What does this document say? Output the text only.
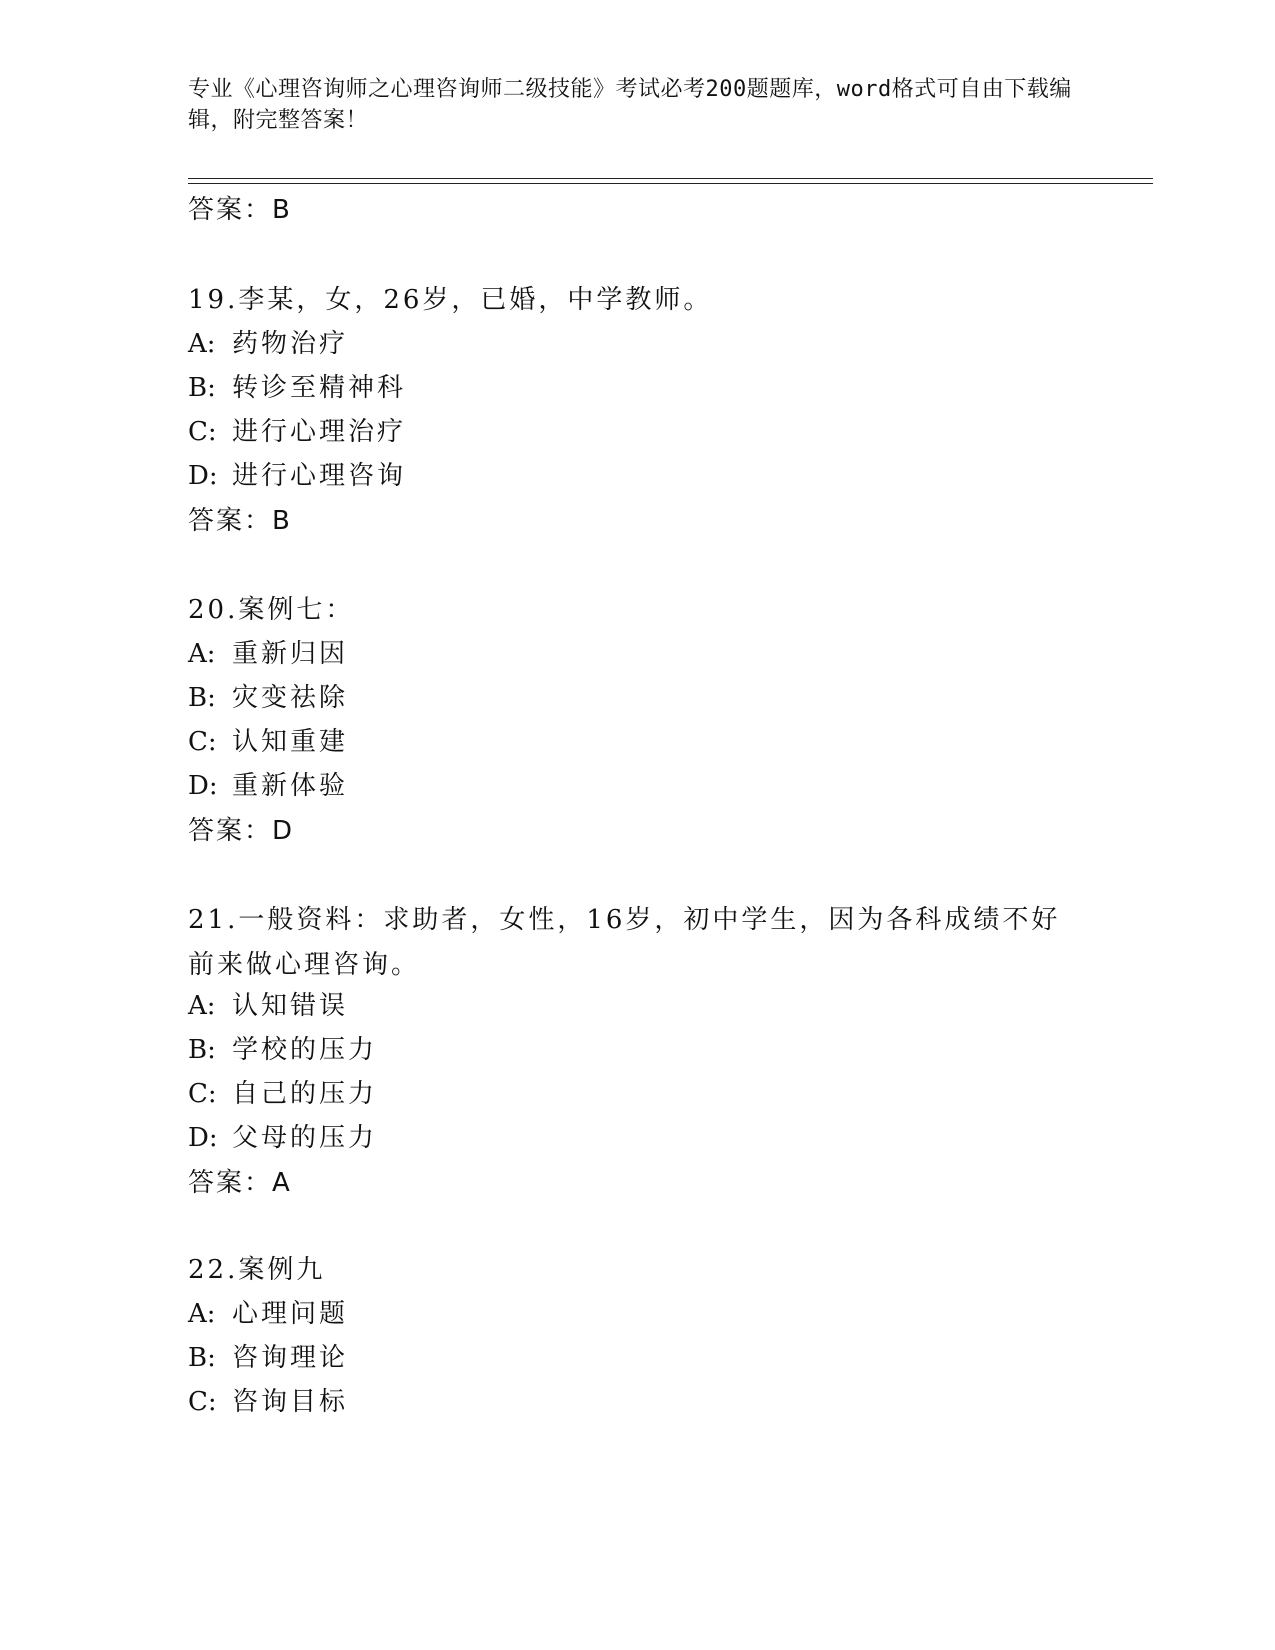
专业《心理咨询师之心理咨询师二级技能》考试必考200题题库，word格式可自由下载编辑，附完整答案！
答案：B
19.李某，女，26岁，已婚，中学教师。
A: 药物治疗
B: 转诊至精神科
C: 进行心理治疗
D: 进行心理咨询
答案：B
20.案例七：
A: 重新归因
B: 灾变祛除
C: 认知重建
D: 重新体验
答案：D
21.一般资料：求助者，女性，16岁，初中学生，因为各科成绩不好前来做心理咨询。
A: 认知错误
B: 学校的压力
C: 自己的压力
D: 父母的压力
答案：A
22.案例九
A: 心理问题
B: 咨询理论
C: 咨询目标
